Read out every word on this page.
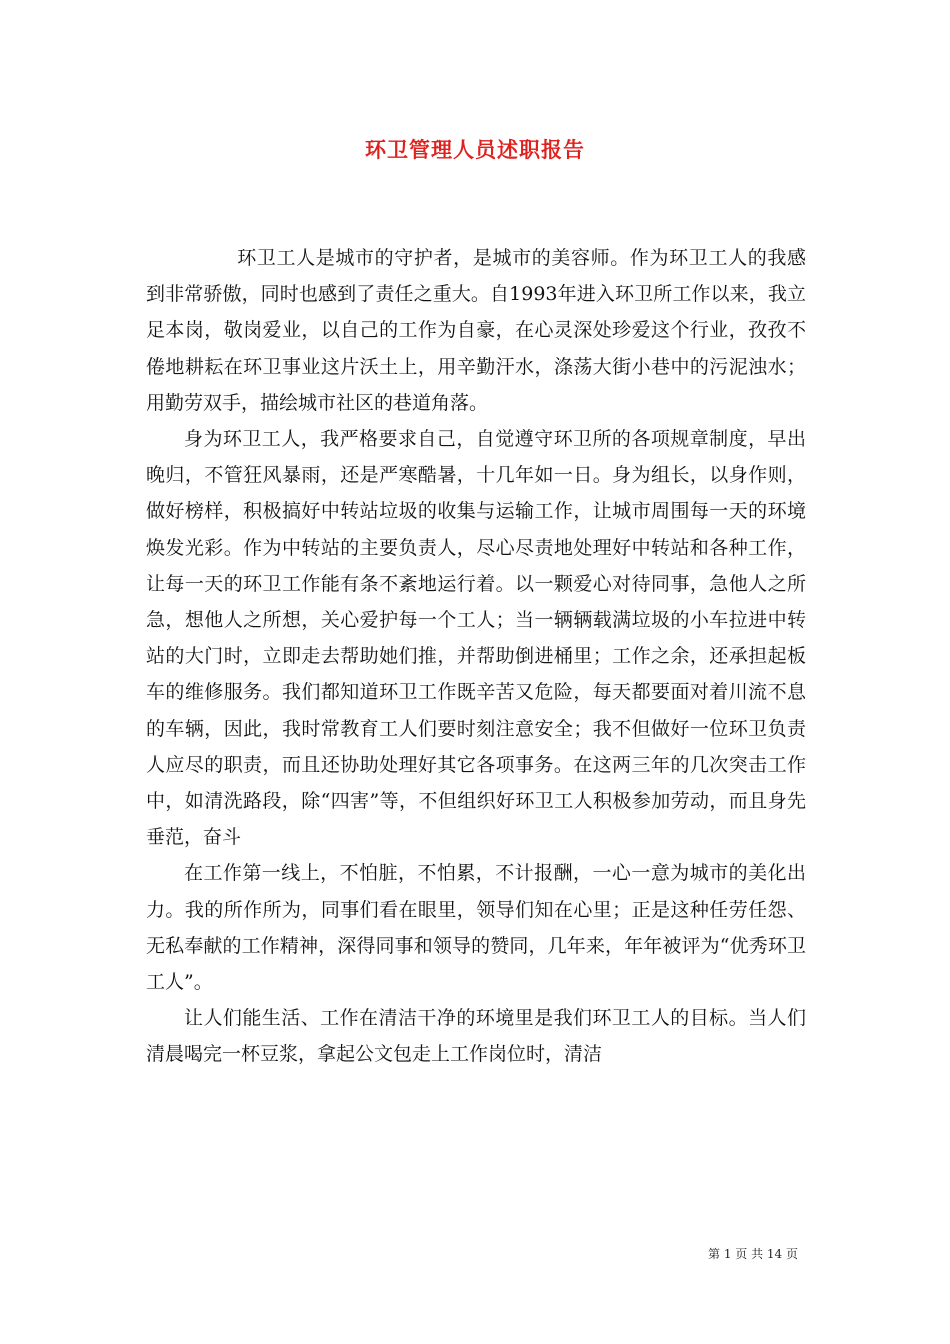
环卫管理人员述职报告

环卫工人是城市的守护者，是城市的美容师。作为环卫工人的我感到非常骄傲，同时也感到了责任之重大。自1993年进入环卫所工作以来，我立足本岗，敬岗爱业，以自己的工作为自豪，在心灵深处珍爱这个行业，孜孜不倦地耕耘在环卫事业这片沃土上，用辛勤汗水，涤荡大街小巷中的污泥浊水；用勤劳双手，描绘城市社区的巷道角落。

身为环卫工人，我严格要求自己，自觉遵守环卫所的各项规章制度，早出晚归，不管狂风暴雨，还是严寒酷暑，十几年如一日。身为组长，以身作则，做好榜样，积极搞好中转站垃圾的收集与运输工作，让城市周围每一天的环境焕发光彩。作为中转站的主要负责人，尽心尽责地处理好中转站和各种工作，让每一天的环卫工作能有条不紊地运行着。以一颗爱心对待同事，急他人之所急，想他人之所想，关心爱护每一个工人；当一辆辆载满垃圾的小车拉进中转站的大门时，立即走去帮助她们推，并帮助倒进桶里；工作之余，还承担起板车的维修服务。我们都知道环卫工作既辛苦又危险，每天都要面对着川流不息的车辆，因此，我时常教育工人们要时刻注意安全；我不但做好一位环卫负责人应尽的职责，而且还协助处理好其它各项事务。在这两三年的几次突击工作中，如清洗路段，除“四害”等，不但组织好环卫工人积极参加劳动，而且身先垂范，奋斗

在工作第一线上，不怕脏，不怕累，不计报酬，一心一意为城市的美化出力。我的所作所为，同事们看在眼里，领导们知在心里；正是这种任劳任怨、无私奉献的工作精神，深得同事和领导的赞同，几年来，年年被评为“优秀环卫工人”。

让人们能生活、工作在清洁干净的环境里是我们环卫工人的目标。当人们清晨喝完一杯豆浆，拿起公文包走上工作岗位时，清洁

第 1 页 共 14 页
